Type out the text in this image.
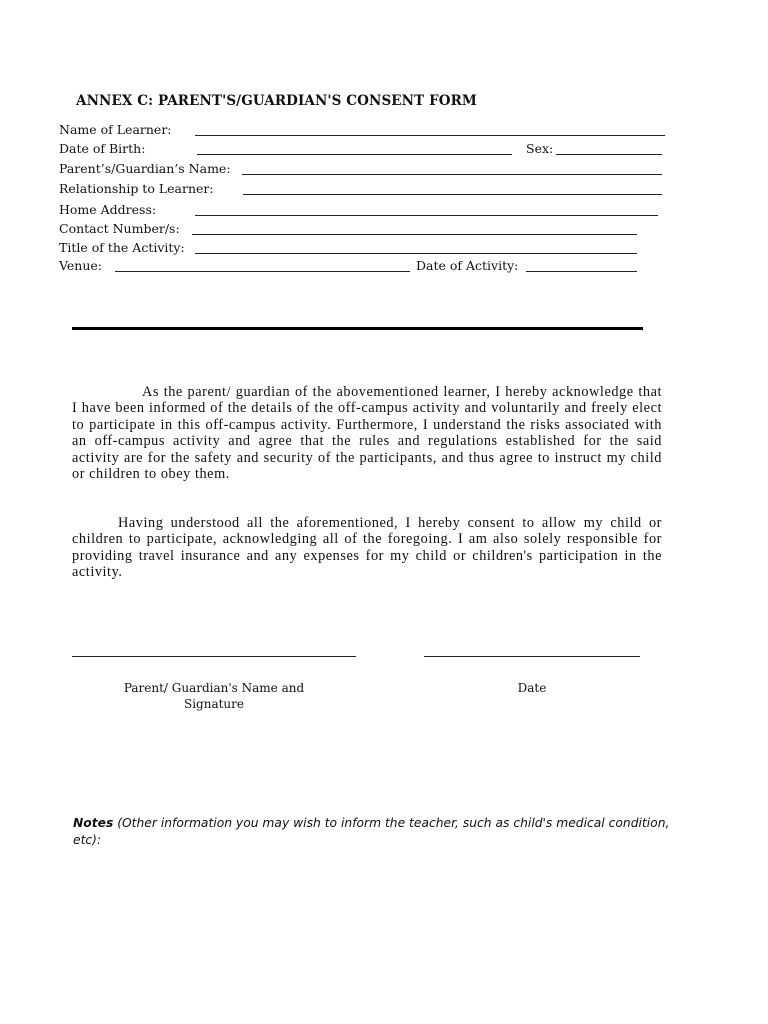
ANNEX C: PARENT'S/GUARDIAN'S CONSENT FORM
Name of Learner:
Date of Birth:	Sex:
Parent’s/Guardian’s Name:
Relationship to Learner:
Home Address:
Contact Number/s:
Title of the Activity:
Venue:	Date of Activity:
As the parent/ guardian of the abovementioned learner, I hereby acknowledge that I have been informed of the details of the off-campus activity and voluntarily and freely elect to participate in this off-campus activity. Furthermore, I understand the risks associated with an off-campus activity and agree that the rules and regulations established for the said activity are for the safety and security of the participants, and thus agree to instruct my child or children to obey them.
Having understood all the aforementioned, I hereby consent to allow my child or children to participate, acknowledging all of the foregoing. I am also solely responsible for providing travel insurance and any expenses for my child or children's participation in the activity.
Parent/ Guardian's Name and
Signature
Date
Notes (Other information you may wish to inform the teacher, such as child's medical condition, etc):
